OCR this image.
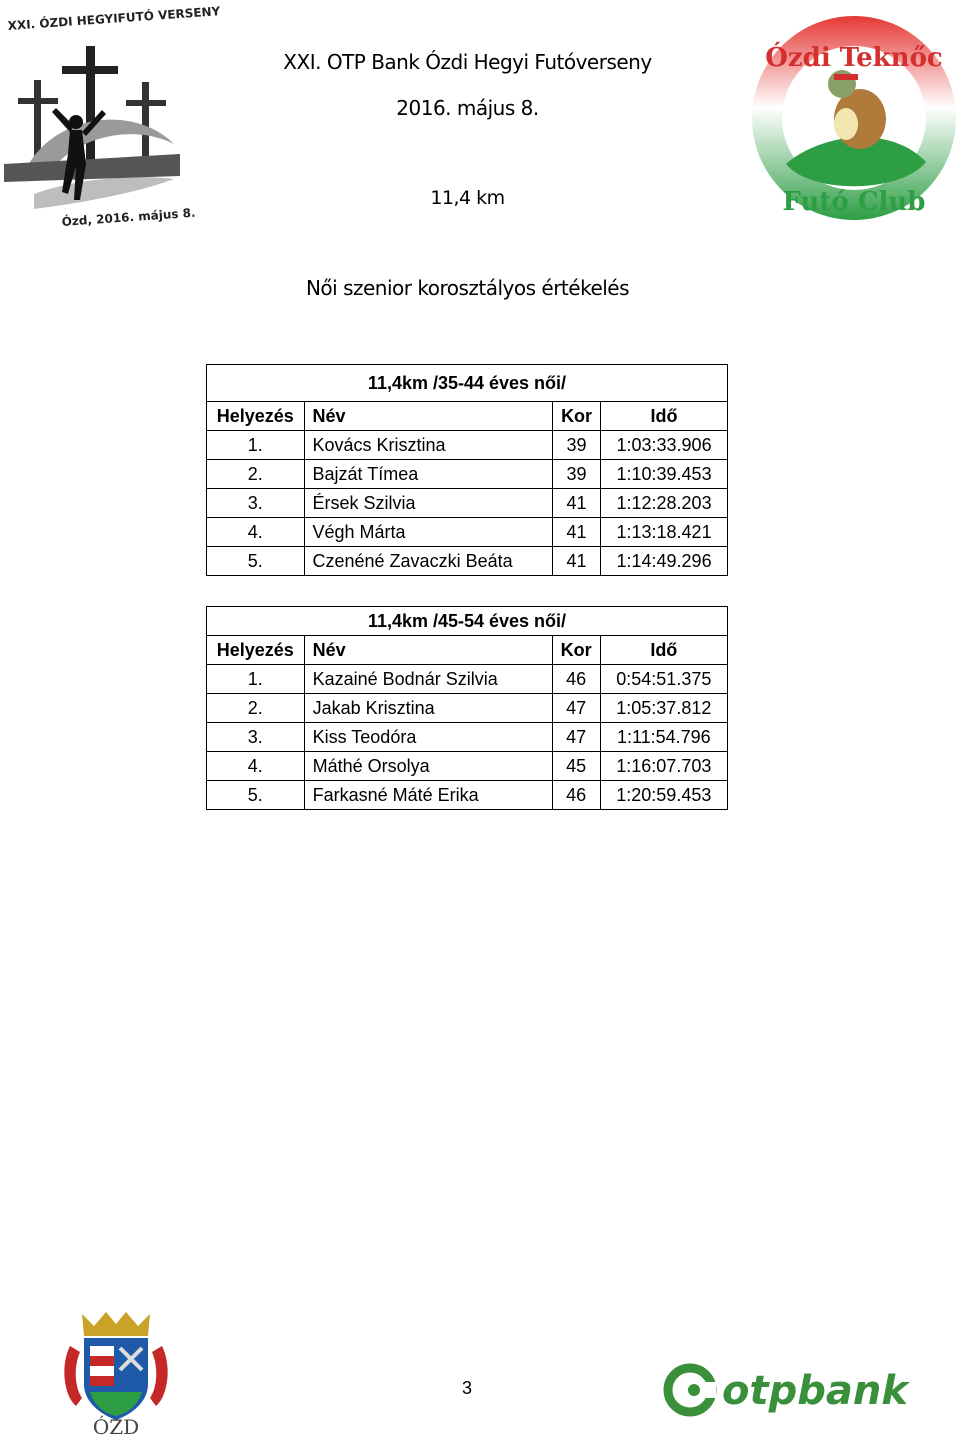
XXI. ÓZDI HEGYIFUTÓ VERSENY
Ózd, 2016. május 8.
Ózdi Teknőc
Futó Club
XXI. OTP Bank Ózdi Hegyi Futóverseny
2016. május 8.
11,4 km
Női szenior korosztályos értékelés
11,4km /35-44 éves női/			
Helyezés	Név	Kor	Idő
1.	Kovács Krisztina	39	1:03:33.906
2.	Bajzát Tímea	39	1:10:39.453
3.	Érsek Szilvia	41	1:12:28.203
4.	Végh Márta	41	1:13:18.421
5.	Czenéné Zavaczki Beáta	41	1:14:49.296
11,4km /45-54 éves női/			
Helyezés	Név	Kor	Idő
1.	Kazainé Bodnár Szilvia	46	0:54:51.375
2.	Jakab Krisztina	47	1:05:37.812
3.	Kiss Teodóra	47	1:11:54.796
4.	Máthé Orsolya	45	1:16:07.703
5.	Farkasné Máté Erika	46	1:20:59.453
ÓZD
3	otpbank
